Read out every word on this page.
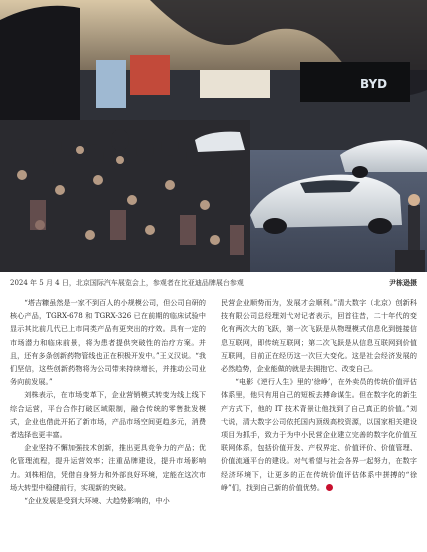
BYD
2024 年 5 月 4 日，北京国际汽车展览会上，参观者在比亚迪品牌展台参观	尹栋逊摄

“塔吉糠虽然是一家不到百人的小规模公司，但公司自研的核心产品，TGRX-678 和 TGRX-326 已在前期的临床试验中显示其比前几代已上市同类产品有更突出的疗效。具有一定的市场潜力和临床前景，将为患者提供突破性的治疗方案。并且，还有多条创新药物管线也正在积极开发中。”王义汉说。“我们坚信，这些创新药物将为公司带来持续增长，并推动公司业务向前发展。”

刘株表示，在市场变革下，企业营销模式转变为线上线下综合运营，平台合作打破区域限制，融合传统的零售批发模式，企业也借此开拓了新市场，产品市场空间更趋多元，消费者选择也更丰富。

企业坚持不懈加强技术创新，推出更具竞争力的产品；优化管理流程，提升运营效率；注重品牌建设，提升市场影响力。刘株相信，凭借自身努力和外部良好环境，定能在这次市场大转型中稳健前行，实现新的突破。

“企业发展是受到大环境、大趋势影响的，中小

民营企业顺势而为，发展才会顺利。”清大数字（北京）创新科技有限公司总经理刘弋对记者表示，回首往昔，二十年代的变化有两次大的飞跃，第一次飞跃是从物理模式信息化到链接信息互联网，即传统互联网；第二次飞跃是从信息互联网到价值互联网，目前正在经历这一次巨大变化。这是社会经济发展的必然趋势，企业能做的就是去拥抱它、改变自己。

“电影《逆行人生》里的‘徐峥’，在外卖员的传统价值评估体系里，他只有用自己的短板去搏命谋生。但在数字化的新生产方式下，他的 IT 技术背景让他找到了自己真正的价值。”刘弋说，清大数字公司依托国内顶级高校资源，以国家相关建设项目为抓手，致力于为中小民营企业建立完善的数字化价值互联网体系，包括价值开发、产权界定、价值评价、价值管理、价值流通平台的建设。对气希望与社会各界一起努力，在数字经济环境下，让更多的正在传统价值评估体系中拼搏的“徐峥”们，找到自己新的价值优势。	●
